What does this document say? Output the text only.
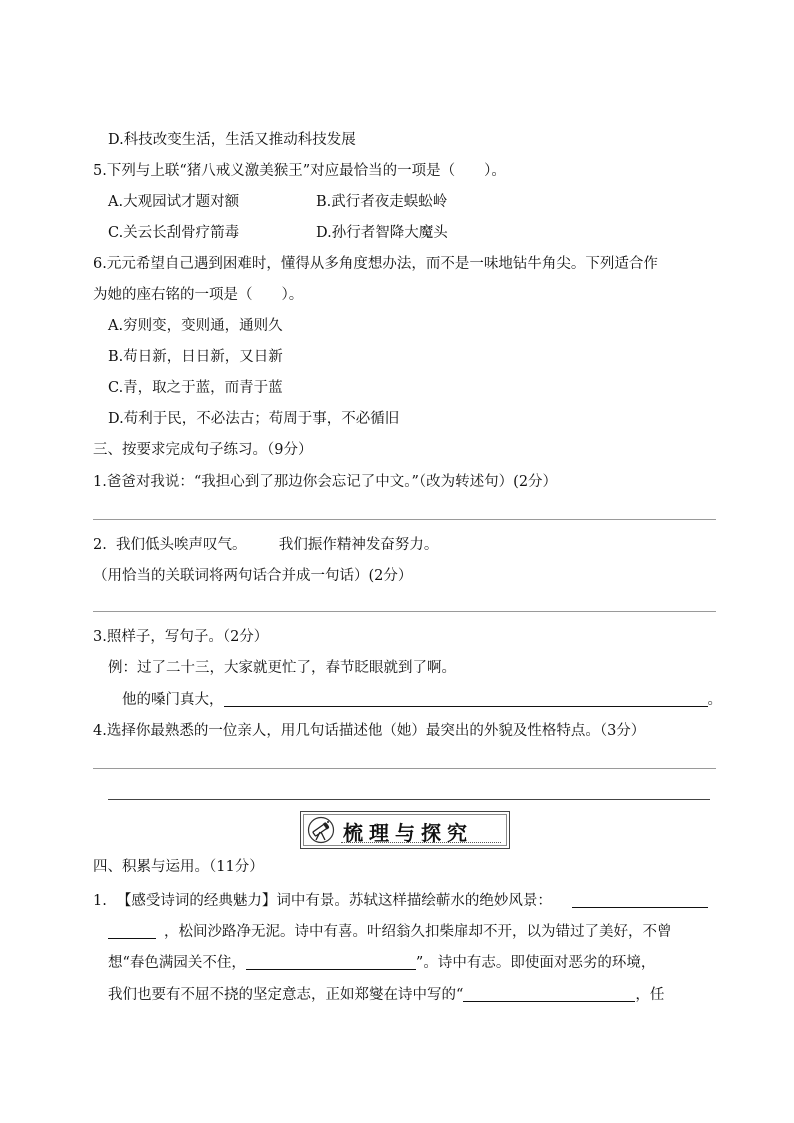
D.科技改变生活，生活又推动科技发展
5.下列与上联“猪八戒义激美猴王”对应最恰当的一项是（　　）。
A.大观园试才题对额	B.武行者夜走蜈蚣岭
C.关云长刮骨疗箭毒	D.孙行者智降大魔头
6.元元希望自己遇到困难时，懂得从多角度想办法，而不是一味地钻牛角尖。下列适合作
为她的座右铭的一项是（　　）。
A.穷则变，变则通，通则久
B.苟日新，日日新，又日新
C.青，取之于蓝，而青于蓝
D.苟利于民，不必法古；苟周于事，不必循旧
三、按要求完成句子练习。（9分）
1.爸爸对我说：“我担心到了那边你会忘记了中文。”（改为转述句）(2分）
2.  我们低头唉声叹气。       我们振作精神发奋努力。
（用恰当的关联词将两句话合并成一句话）(2分）
3.照样子，写句子。（2分）
例：过了二十三，大家就更忙了，春节眨眼就到了啊。
他的嗓门真大，	。
4.选择你最熟悉的一位亲人，用几句话描述他（她）最突出的外貌及性格特点。（3分）
梳理与探究
四、积累与运用。（11分）
1. 【感受诗词的经典魅力】词中有景。苏轼这样描绘蕲水的绝妙风景：
，松间沙路净无泥。诗中有喜。叶绍翁久扣柴扉却不开，以为错过了美好，不曾
想“春色满园关不住，	”。诗中有志。即使面对恶劣的环境，
我们也要有不屈不挠的坚定意志，正如郑燮在诗中写的“	，任
